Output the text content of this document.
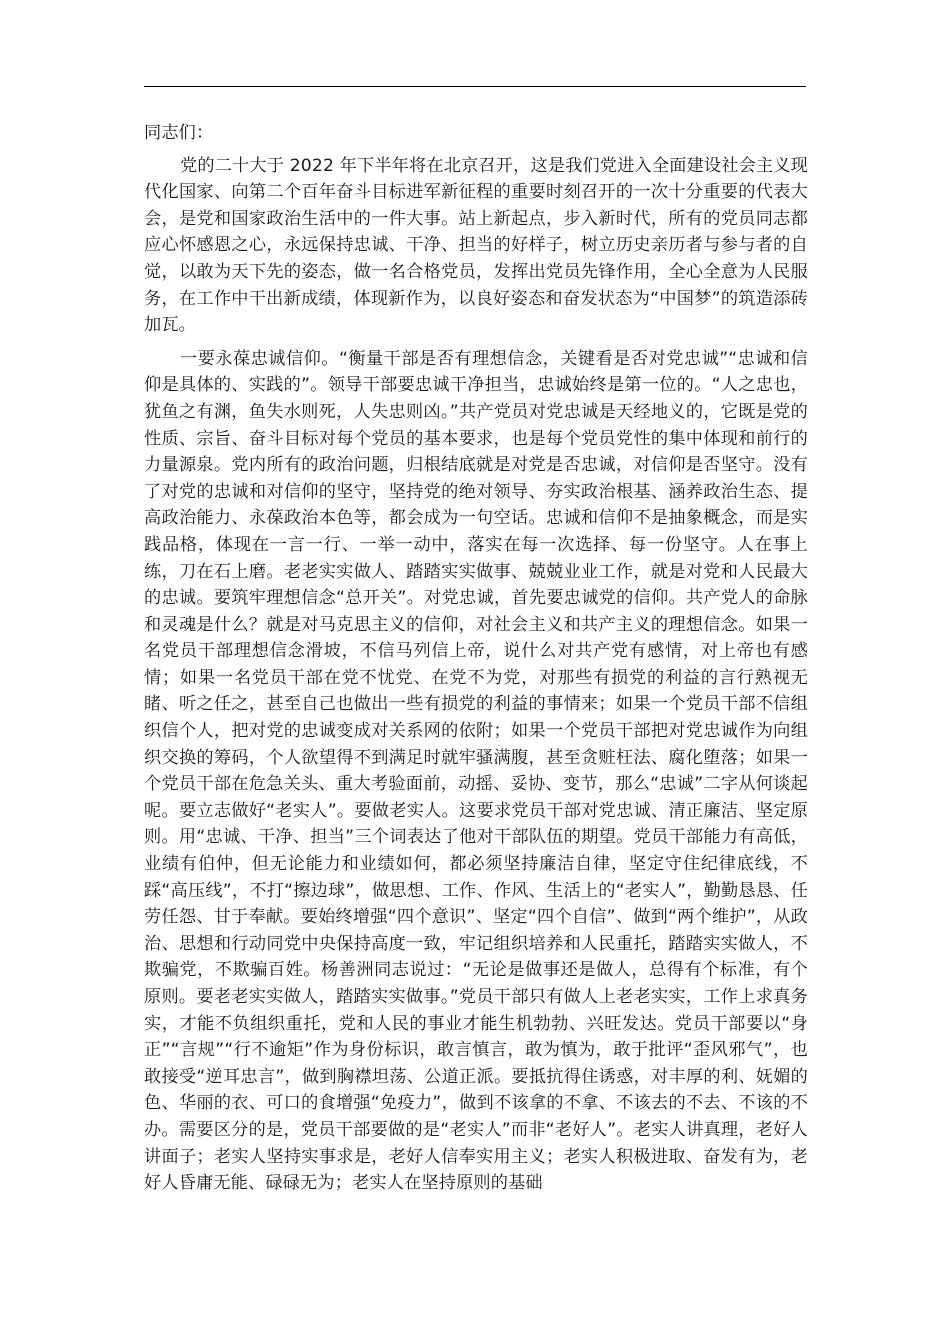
同志们：

党的二十大于 2022 年下半年将在北京召开，这是我们党进入全面建设社会主义现代化国家、向第二个百年奋斗目标进军新征程的重要时刻召开的一次十分重要的代表大会，是党和国家政治生活中的一件大事。站上新起点，步入新时代，所有的党员同志都应心怀感恩之心，永远保持忠诚、干净、担当的好样子，树立历史亲历者与参与者的自觉，以敢为天下先的姿态，做一名合格党员，发挥出党员先锋作用，全心全意为人民服务，在工作中干出新成绩，体现新作为，以良好姿态和奋发状态为“中国梦”的筑造添砖加瓦。

一要永葆忠诚信仰。“衡量干部是否有理想信念，关键看是否对党忠诚”“忠诚和信仰是具体的、实践的”。领导干部要忠诚干净担当，忠诚始终是第一位的。“人之忠也，犹鱼之有渊，鱼失水则死，人失忠则凶。”共产党员对党忠诚是天经地义的，它既是党的性质、宗旨、奋斗目标对每个党员的基本要求，也是每个党员党性的集中体现和前行的力量源泉。党内所有的政治问题，归根结底就是对党是否忠诚，对信仰是否坚守。没有了对党的忠诚和对信仰的坚守，坚持党的绝对领导、夯实政治根基、涵养政治生态、提高政治能力、永葆政治本色等，都会成为一句空话。忠诚和信仰不是抽象概念，而是实践品格，体现在一言一行、一举一动中，落实在每一次选择、每一份坚守。人在事上练，刀在石上磨。老老实实做人、踏踏实实做事、兢兢业业工作，就是对党和人民最大的忠诚。要筑牢理想信念“总开关”。对党忠诚，首先要忠诚党的信仰。共产党人的命脉和灵魂是什么？就是对马克思主义的信仰，对社会主义和共产主义的理想信念。如果一名党员干部理想信念滑坡，不信马列信上帝，说什么对共产党有感情，对上帝也有感情；如果一名党员干部在党不忧党、在党不为党，对那些有损党的利益的言行熟视无睹、听之任之，甚至自己也做出一些有损党的利益的事情来；如果一个党员干部不信组织信个人，把对党的忠诚变成对关系网的依附；如果一个党员干部把对党忠诚作为向组织交换的筹码，个人欲望得不到满足时就牢骚满腹，甚至贪赃枉法、腐化堕落；如果一个党员干部在危急关头、重大考验面前，动摇、妥协、变节，那么“忠诚”二字从何谈起呢。要立志做好“老实人”。要做老实人。这要求党员干部对党忠诚、清正廉洁、坚定原则。用“忠诚、干净、担当”三个词表达了他对干部队伍的期望。党员干部能力有高低，业绩有伯仲，但无论能力和业绩如何，都必须坚持廉洁自律，坚定守住纪律底线，不踩“高压线”，不打“擦边球”，做思想、工作、作风、生活上的“老实人”，勤勤恳恳、任劳任怨、甘于奉献。要始终增强“四个意识”、坚定“四个自信”、做到“两个维护”，从政治、思想和行动同党中央保持高度一致，牢记组织培养和人民重托，踏踏实实做人，不欺骗党，不欺骗百姓。杨善洲同志说过：“无论是做事还是做人，总得有个标准，有个原则。要老老实实做人，踏踏实实做事。”党员干部只有做人上老老实实，工作上求真务实，才能不负组织重托，党和人民的事业才能生机勃勃、兴旺发达。党员干部要以“身正”“言规”“行不逾矩”作为身份标识，敢言慎言，敢为慎为，敢于批评“歪风邪气”，也敢接受“逆耳忠言”，做到胸襟坦荡、公道正派。要抵抗得住诱惑，对丰厚的利、妩媚的色、华丽的衣、可口的食增强“免疫力”，做到不该拿的不拿、不该去的不去、不该的不办。需要区分的是，党员干部要做的是“老实人”而非“老好人”。老实人讲真理，老好人讲面子；老实人坚持实事求是，老好人信奉实用主义；老实人积极进取、奋发有为，老好人昏庸无能、碌碌无为；老实人在坚持原则的基础
